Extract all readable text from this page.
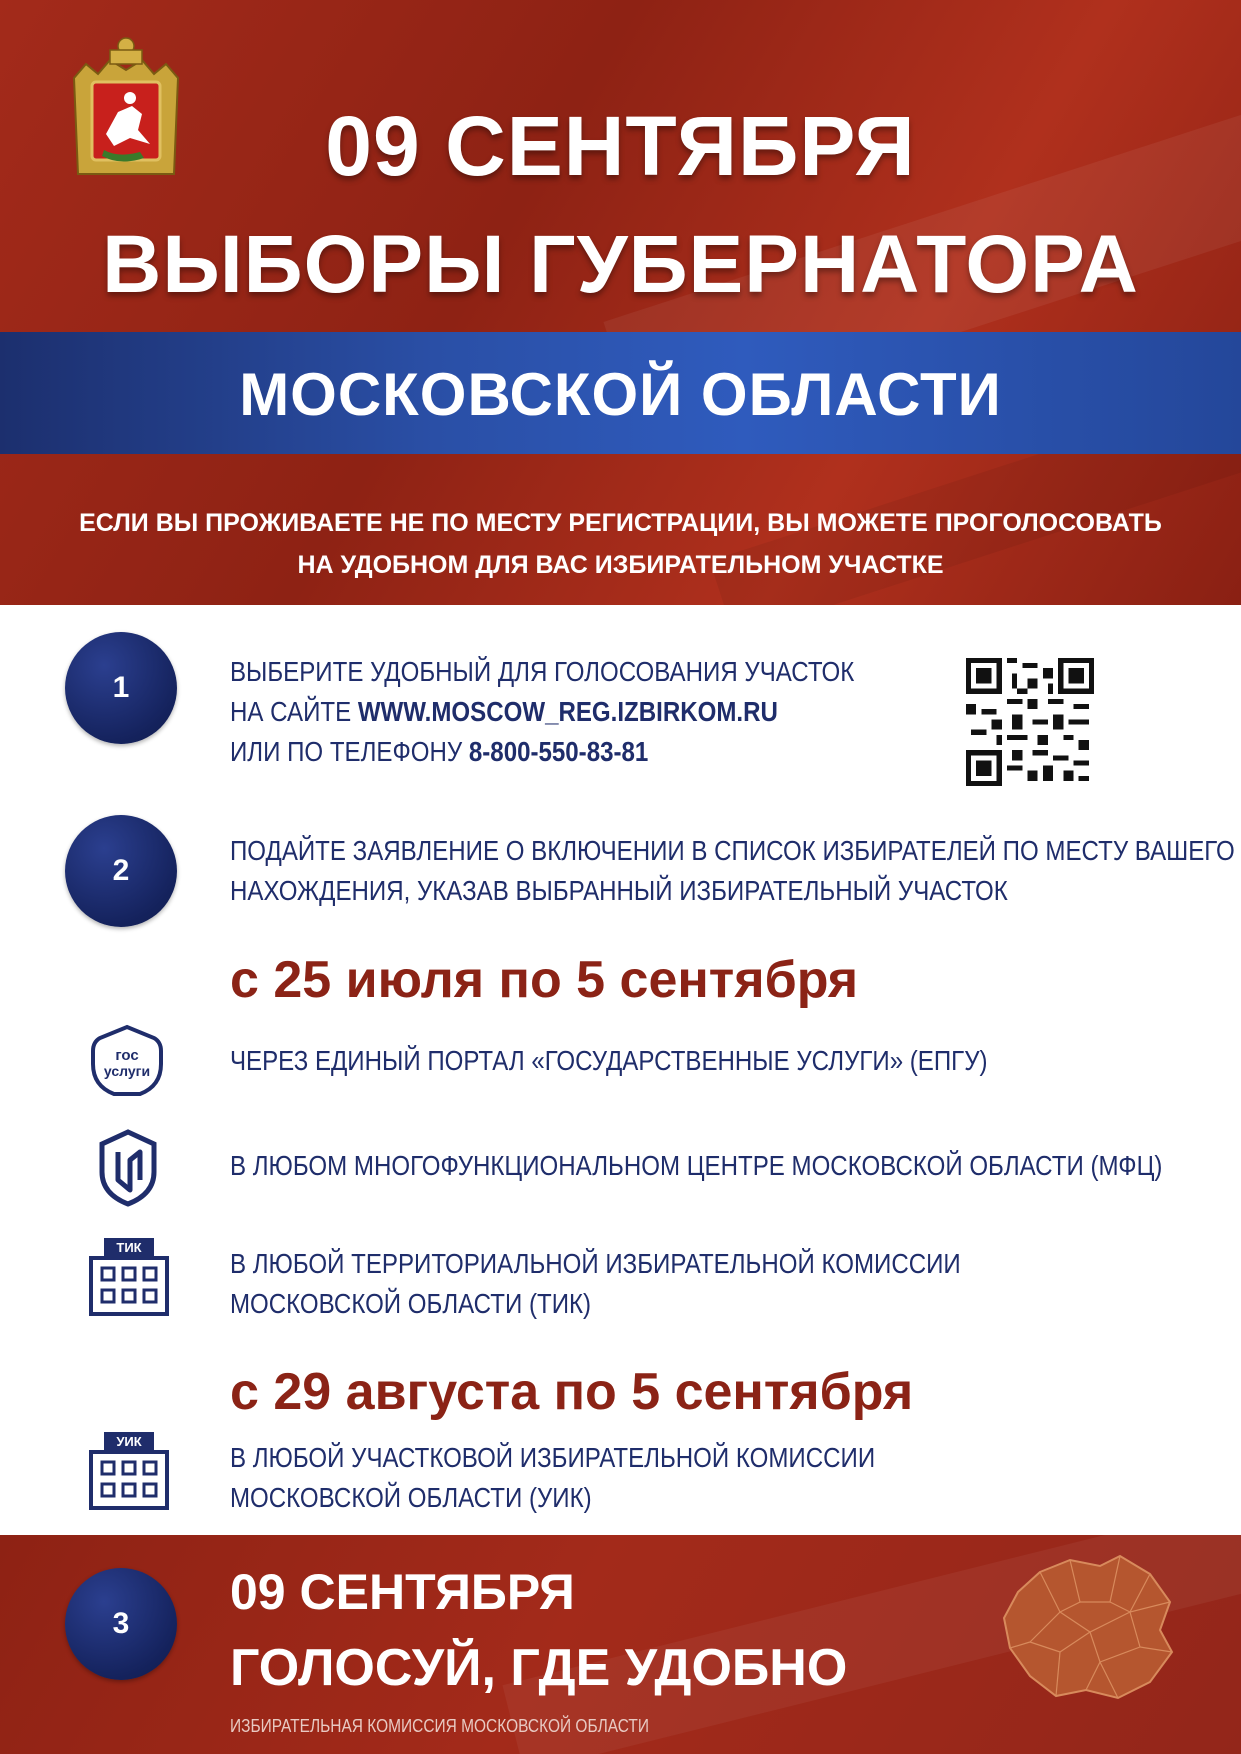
09 СЕНТЯБРЯ
ВЫБОРЫ ГУБЕРНАТОРА
МОСКОВСКОЙ ОБЛАСТИ
ЕСЛИ ВЫ ПРОЖИВАЕТЕ НЕ ПО МЕСТУ РЕГИСТРАЦИИ, ВЫ МОЖЕТЕ ПРОГОЛОСОВАТЬ НА УДОБНОМ ДЛЯ ВАС ИЗБИРАТЕЛЬНОМ УЧАСТКЕ
1	ВЫБЕРИТЕ УДОБНЫЙ ДЛЯ ГОЛОСОВАНИЯ УЧАСТОК
НА САЙТЕ WWW.MOSCOW_REG.IZBIRKOM.RU
ИЛИ ПО ТЕЛЕФОНУ 8-800-550-83-81
2
ПОДАЙТЕ ЗАЯВЛЕНИЕ О ВКЛЮЧЕНИИ В СПИСОК ИЗБИРАТЕЛЕЙ ПО МЕСТУ ВАШЕГО
НАХОЖДЕНИЯ, УКАЗАВ ВЫБРАННЫЙ ИЗБИРАТЕЛЬНЫЙ УЧАСТОК
с 25 июля по 5 сентября
гос
услуги	ЧЕРЕЗ ЕДИНЫЙ ПОРТАЛ «ГОСУДАРСТВЕННЫЕ УСЛУГИ» (ЕПГУ)
В ЛЮБОМ МНОГОФУНКЦИОНАЛЬНОМ ЦЕНТРЕ МОСКОВСКОЙ ОБЛАСТИ (МФЦ)
ТИК
В ЛЮБОЙ ТЕРРИТОРИАЛЬНОЙ ИЗБИРАТЕЛЬНОЙ КОМИССИИ
МОСКОВСКОЙ ОБЛАСТИ (ТИК)
с 29 августа по 5 сентября
УИК
В ЛЮБОЙ УЧАСТКОВОЙ ИЗБИРАТЕЛЬНОЙ КОМИССИИ
МОСКОВСКОЙ ОБЛАСТИ (УИК)
3
09 СЕНТЯБРЯ
ГОЛОСУЙ, ГДЕ УДОБНО
ИЗБИРАТЕЛЬНАЯ КОМИССИЯ МОСКОВСКОЙ ОБЛАСТИ
